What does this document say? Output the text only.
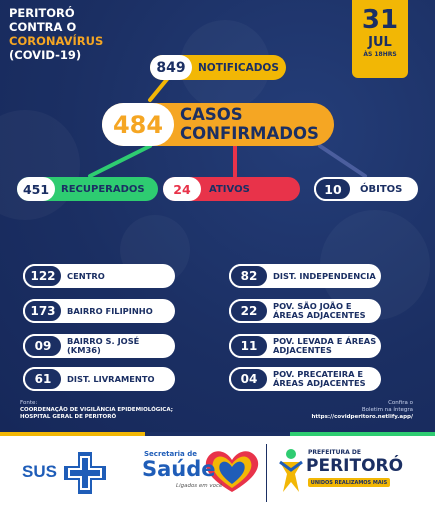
PERITORÓ
CONTRA O
CORONAVÍRUS
(COVID-19)
31
JUL
ÀS 18HRS
849	NOTIFICADOS
484	CASOS
CONFIRMADOS
451	RECUPERADOS	24	ATIVOS	10	ÓBITOS
122	CENTRO
173	BAIRRO FILIPINHO
09	BAIRRO S. JOSÉ (KM36)
61	DIST. LIVRAMENTO
82	DIST. INDEPENDENCIA
22	POV. SÃO JOÃO E ÁREAS ADJACENTES
11	POV. LEVADA E ÁREAS ADJACENTES
04	POV. PRECATEIRA E ÁREAS ADJACENTES
Fonte:
COORDENAÇÃO DE VIGILÂNCIA EPIDEMIOLÓGICA;
HOSPITAL GERAL DE PERITORÓ
Confira o
Boletim na íntegra
https://covidperitoro.netlify.app/
SUS
Secretaria de
Saúde
Ligados em você
PREFEITURA DE
PERITORÓ
UNIDOS REALIZAMOS MAIS
